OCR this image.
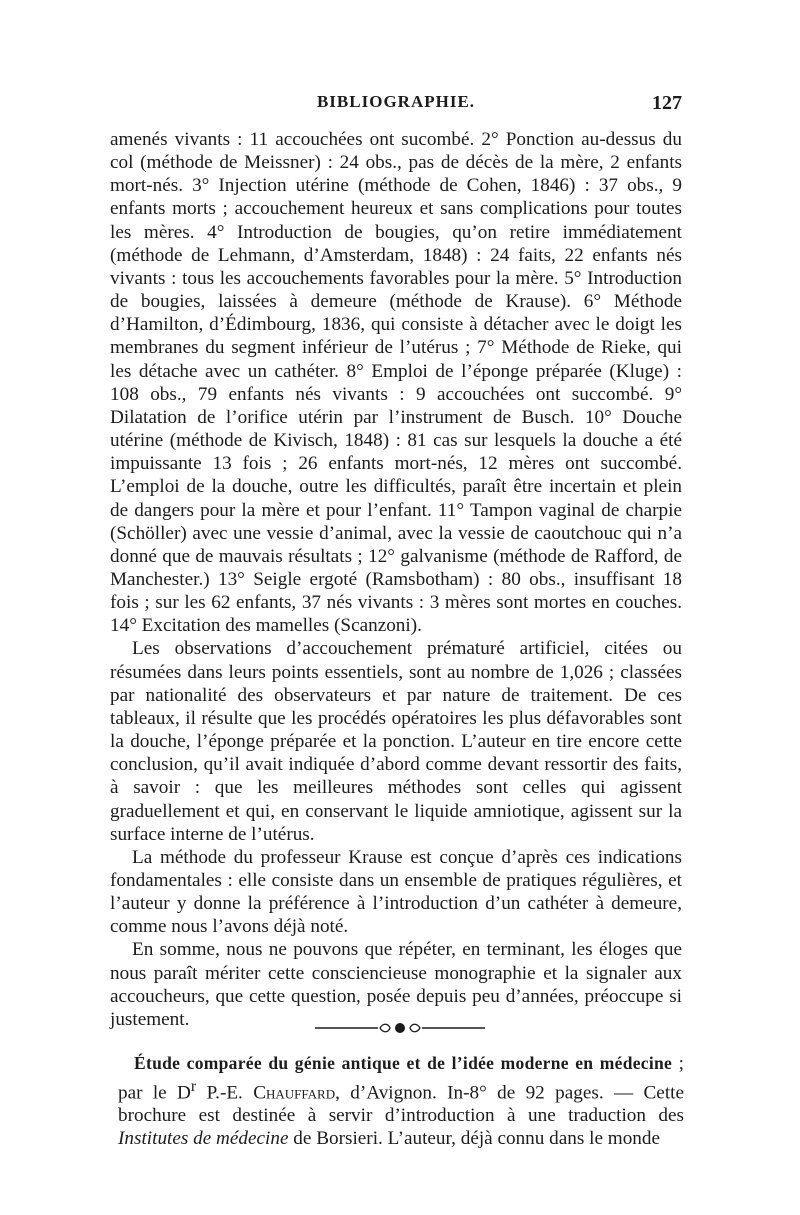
BIBLIOGRAPHIE.	127

amenés vivants : 11 accouchées ont sucombé. 2° Ponction au-dessus du col (méthode de Meissner) : 24 obs., pas de décès de la mère, 2 enfants mort-nés. 3° Injection utérine (méthode de Cohen, 1846) : 37 obs., 9 enfants morts ; accouchement heureux et sans complications pour toutes les mères. 4° Introduction de bougies, qu’on retire immédiatement (méthode de Lehmann, d’Amsterdam, 1848) : 24 faits, 22 enfants nés vivants : tous les accouchements favorables pour la mère. 5° Introduction de bougies, laissées à demeure (méthode de Krause). 6° Méthode d’Hamilton, d’Édimbourg, 1836, qui consiste à détacher avec le doigt les membranes du segment inférieur de l’utérus ; 7° Méthode de Rieke, qui les détache avec un cathéter. 8° Emploi de l’éponge préparée (Kluge) : 108 obs., 79 enfants nés vivants : 9 accouchées ont succombé. 9° Dilatation de l’orifice utérin par l’instrument de Busch. 10° Douche utérine (méthode de Kivisch, 1848) : 81 cas sur lesquels la douche a été impuissante 13 fois ; 26 enfants mort-nés, 12 mères ont succombé. L’emploi de la douche, outre les difficultés, paraît être incertain et plein de dangers pour la mère et pour l’enfant. 11° Tampon vaginal de charpie (Schöller) avec une vessie d’animal, avec la vessie de caoutchouc qui n’a donné que de mauvais résultats ; 12° galvanisme (méthode de Rafford, de Manchester.) 13° Seigle ergoté (Ramsbotham) : 80 obs., insuffisant 18 fois ; sur les 62 enfants, 37 nés vivants : 3 mères sont mortes en couches. 14° Excitation des mamelles (Scanzoni).

Les observations d’accouchement prématuré artificiel, citées ou résumées dans leurs points essentiels, sont au nombre de 1,026 ; classées par nationalité des observateurs et par nature de traitement. De ces tableaux, il résulte que les procédés opératoires les plus défavorables sont la douche, l’éponge préparée et la ponction. L’auteur en tire encore cette conclusion, qu’il avait indiquée d’abord comme devant ressortir des faits, à savoir : que les meilleures méthodes sont celles qui agissent graduellement et qui, en conservant le liquide amniotique, agissent sur la surface interne de l’utérus.

La méthode du professeur Krause est conçue d’après ces indications fondamentales : elle consiste dans un ensemble de pratiques régulières, et l’auteur y donne la préférence à l’introduction d’un cathéter à demeure, comme nous l’avons déjà noté.

En somme, nous ne pouvons que répéter, en terminant, les éloges que nous paraît mériter cette consciencieuse monographie et la signaler aux accoucheurs, que cette question, posée depuis peu d’années, préoccupe si justement.

Étude comparée du génie antique et de l’idée moderne en médecine ; par le $D^r$ P.-E. Chauffard, d’Avignon. In-8° de 92 pages. — Cette brochure est destinée à servir d’introduction à une traduction des Institutes de médecine de Borsieri. L’auteur, déjà connu dans le monde
